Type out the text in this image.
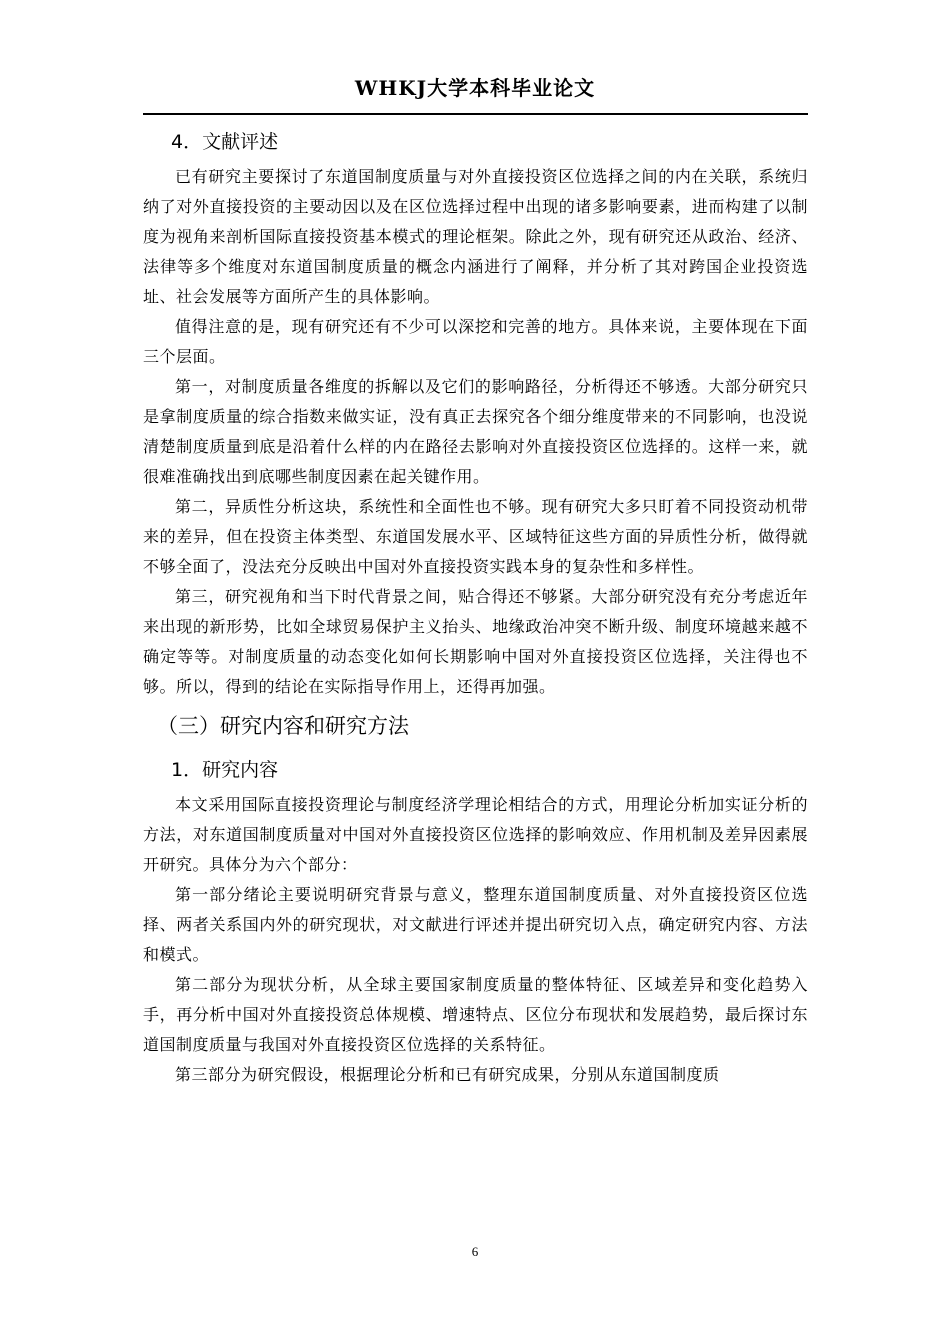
WHKJ大学本科毕业论文
4．文献评述

已有研究主要探讨了东道国制度质量与对外直接投资区位选择之间的内在关联，系统归纳了对外直接投资的主要动因以及在区位选择过程中出现的诸多影响要素，进而构建了以制度为视角来剖析国际直接投资基本模式的理论框架。除此之外，现有研究还从政治、经济、法律等多个维度对东道国制度质量的概念内涵进行了阐释，并分析了其对跨国企业投资选址、社会发展等方面所产生的具体影响。

值得注意的是，现有研究还有不少可以深挖和完善的地方。具体来说，主要体现在下面三个层面。

第一，对制度质量各维度的拆解以及它们的影响路径，分析得还不够透。大部分研究只是拿制度质量的综合指数来做实证，没有真正去探究各个细分维度带来的不同影响，也没说清楚制度质量到底是沿着什么样的内在路径去影响对外直接投资区位选择的。这样一来，就很难准确找出到底哪些制度因素在起关键作用。

第二，异质性分析这块，系统性和全面性也不够。现有研究大多只盯着不同投资动机带来的差异，但在投资主体类型、东道国发展水平、区域特征这些方面的异质性分析，做得就不够全面了，没法充分反映出中国对外直接投资实践本身的复杂性和多样性。

第三，研究视角和当下时代背景之间，贴合得还不够紧。大部分研究没有充分考虑近年来出现的新形势，比如全球贸易保护主义抬头、地缘政治冲突不断升级、制度环境越来越不确定等等。对制度质量的动态变化如何长期影响中国对外直接投资区位选择，关注得也不够。所以，得到的结论在实际指导作用上，还得再加强。

（三）研究内容和研究方法
1．研究内容

本文采用国际直接投资理论与制度经济学理论相结合的方式，用理论分析加实证分析的方法，对东道国制度质量对中国对外直接投资区位选择的影响效应、作用机制及差异因素展开研究。具体分为六个部分：

第一部分绪论主要说明研究背景与意义，整理东道国制度质量、对外直接投资区位选择、两者关系国内外的研究现状，对文献进行评述并提出研究切入点，确定研究内容、方法和模式。

第二部分为现状分析，从全球主要国家制度质量的整体特征、区域差异和变化趋势入手，再分析中国对外直接投资总体规模、增速特点、区位分布现状和发展趋势，最后探讨东道国制度质量与我国对外直接投资区位选择的关系特征。

第三部分为研究假设，根据理论分析和已有研究成果，分别从东道国制度质

6
